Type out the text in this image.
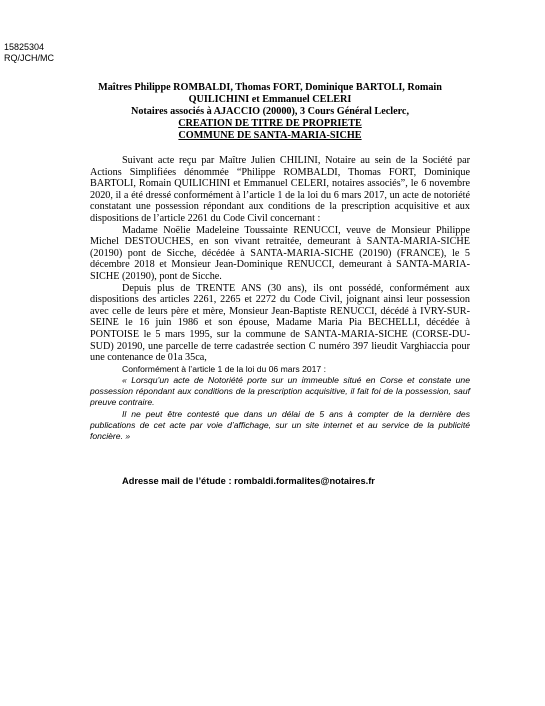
15825304
RQ/JCH/MC
Maîtres Philippe ROMBALDI, Thomas FORT, Dominique BARTOLI, Romain
QUILICHINI et Emmanuel CELERI
Notaires associés à AJACCIO (20000), 3 Cours Général Leclerc,
CREATION DE TITRE DE PROPRIETE
COMMUNE DE SANTA-MARIA-SICHE

Suivant acte reçu par Maître Julien CHILINI, Notaire au sein de la Société par Actions Simplifiées dénommée “Philippe ROMBALDI, Thomas FORT, Dominique BARTOLI, Romain QUILICHINI et Emmanuel CELERI, notaires associés”, le 6 novembre 2020, il a été dressé conformément à l’article 1 de la loi du 6 mars 2017, un acte de notoriété constatant une possession répondant aux conditions de la prescription acquisitive et aux dispositions de l’article 2261 du Code Civil concernant :

Madame Noëlie Madeleine Toussainte RENUCCI, veuve de Monsieur Philippe Michel DESTOUCHES, en son vivant retraitée, demeurant à SANTA-MARIA-SICHE (20190) pont de Sicche, décédée à SANTA-MARIA-SICHE (20190) (FRANCE), le 5 décembre 2018 et Monsieur Jean-Dominique RENUCCI, demeurant à SANTA-MARIA-SICHE (20190), pont de Sicche.

Depuis plus de TRENTE ANS (30 ans), ils ont possédé, conformément aux dispositions des articles 2261, 2265 et 2272 du Code Civil, joignant ainsi leur possession avec celle de leurs père et mère, Monsieur Jean-Baptiste RENUCCI, décédé à IVRY-SUR-SEINE le 16 juin 1986 et son épouse, Madame Maria Pia BECHELLI, décédée à PONTOISE le 5 mars 1995, sur la commune de SANTA-MARIA-SICHE (CORSE-DU-SUD) 20190, une parcelle de terre cadastrée section C numéro 397 lieudit Varghiaccia pour une contenance de 01a 35ca,

Conformément à l’article 1 de la loi du 06 mars 2017 :

« Lorsqu’un acte de Notoriété porte sur un immeuble situé en Corse et constate une possession répondant aux conditions de la prescription acquisitive, il fait foi de la possession, sauf preuve contraire.

Il ne peut être contesté que dans un délai de 5 ans à compter de la dernière des publications de cet acte par voie d’affichage, sur un site internet et au service de la publicité foncière. »

Adresse mail de l’étude : rombaldi.formalites@notaires.fr
